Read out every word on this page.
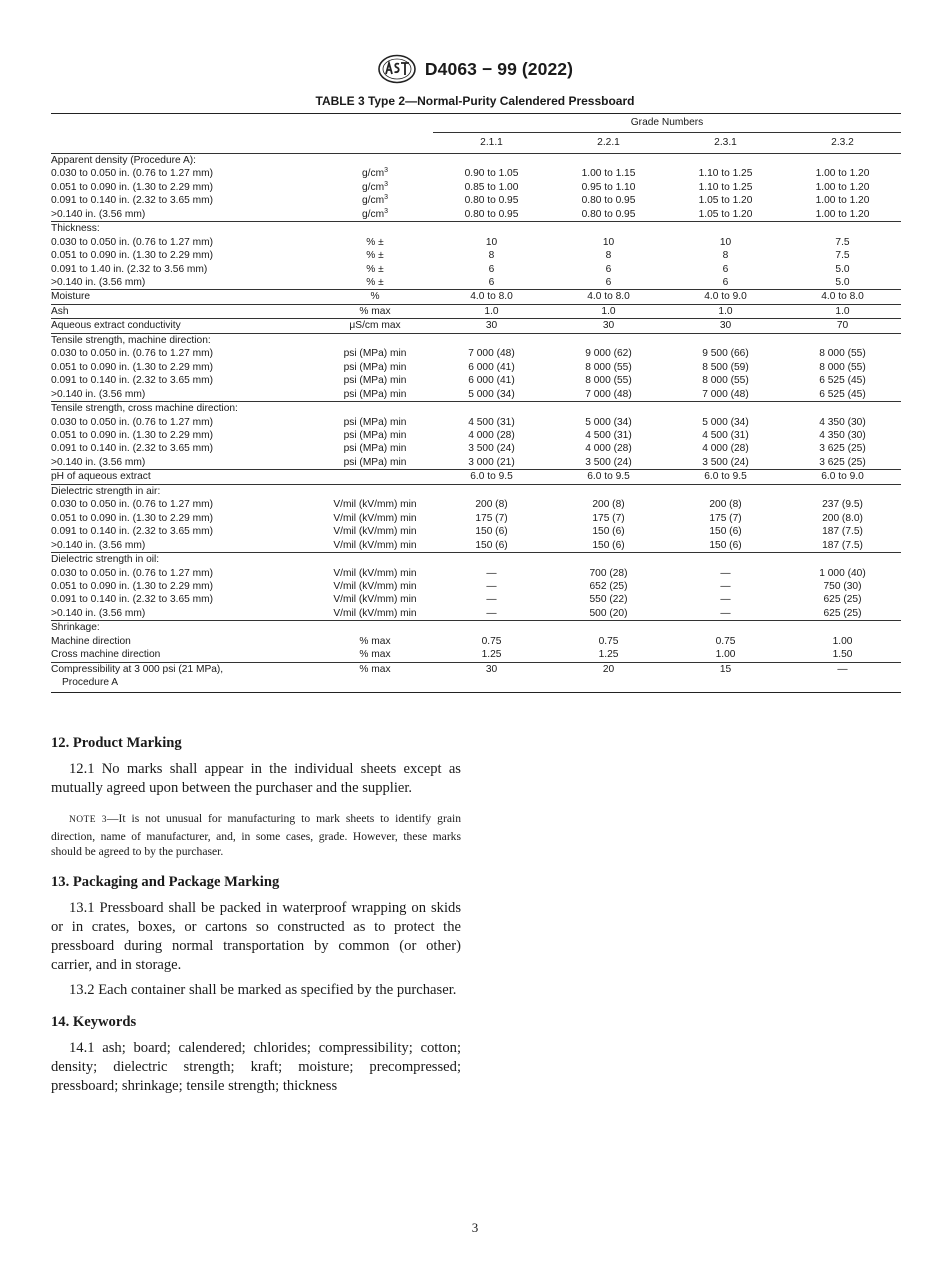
D4063 − 99 (2022)
TABLE 3 Type 2—Normal-Purity Calendered Pressboard

		Grade Numbers			
		2.1.1	2.2.1	2.3.1	2.3.2
Apparent density (Procedure A):					
0.030 to 0.050 in. (0.76 to 1.27 mm)	$g/cm^3$	0.90 to 1.05	1.00 to 1.15	1.10 to 1.25	1.00 to 1.20
0.051 to 0.090 in. (1.30 to 2.29 mm)	$g/cm^3$	0.85 to 1.00	0.95 to 1.10	1.10 to 1.25	1.00 to 1.20
0.091 to 0.140 in. (2.32 to 3.65 mm)	$g/cm^3$	0.80 to 0.95	0.80 to 0.95	1.05 to 1.20	1.00 to 1.20
>0.140 in. (3.56 mm)	$g/cm^3$	0.80 to 0.95	0.80 to 0.95	1.05 to 1.20	1.00 to 1.20
Thickness:					
0.030 to 0.050 in. (0.76 to 1.27 mm)	% ±	10	10	10	7.5
0.051 to 0.090 in. (1.30 to 2.29 mm)	% ±	8	8	8	7.5
0.091 to 1.40 in. (2.32 to 3.56 mm)	% ±	6	6	6	5.0
>0.140 in. (3.56 mm)	% ±	6	6	6	5.0
Moisture	%	4.0 to 8.0	4.0 to 8.0	4.0 to 9.0	4.0 to 8.0
Ash	% max	1.0	1.0	1.0	1.0
Aqueous extract conductivity	μS/cm max	30	30	30	70
Tensile strength, machine direction:					
0.030 to 0.050 in. (0.76 to 1.27 mm)	psi (MPa) min	7 000 (48)	9 000 (62)	9 500 (66)	8 000 (55)
0.051 to 0.090 in. (1.30 to 2.29 mm)	psi (MPa) min	6 000 (41)	8 000 (55)	8 500 (59)	8 000 (55)
0.091 to 0.140 in. (2.32 to 3.65 mm)	psi (MPa) min	6 000 (41)	8 000 (55)	8 000 (55)	6 525 (45)
>0.140 in. (3.56 mm)	psi (MPa) min	5 000 (34)	7 000 (48)	7 000 (48)	6 525 (45)
Tensile strength, cross machine direction:					
0.030 to 0.050 in. (0.76 to 1.27 mm)	psi (MPa) min	4 500 (31)	5 000 (34)	5 000 (34)	4 350 (30)
0.051 to 0.090 in. (1.30 to 2.29 mm)	psi (MPa) min	4 000 (28)	4 500 (31)	4 500 (31)	4 350 (30)
0.091 to 0.140 in. (2.32 to 3.65 mm)	psi (MPa) min	3 500 (24)	4 000 (28)	4 000 (28)	3 625 (25)
>0.140 in. (3.56 mm)	psi (MPa) min	3 000 (21)	3 500 (24)	3 500 (24)	3 625 (25)
pH of aqueous extract		6.0 to 9.5	6.0 to 9.5	6.0 to 9.5	6.0 to 9.0
Dielectric strength in air:					
0.030 to 0.050 in. (0.76 to 1.27 mm)	V/mil (kV/mm) min	200 (8)	200 (8)	200 (8)	237 (9.5)
0.051 to 0.090 in. (1.30 to 2.29 mm)	V/mil (kV/mm) min	175 (7)	175 (7)	175 (7)	200 (8.0)
0.091 to 0.140 in. (2.32 to 3.65 mm)	V/mil (kV/mm) min	150 (6)	150 (6)	150 (6)	187 (7.5)
>0.140 in. (3.56 mm)	V/mil (kV/mm) min	150 (6)	150 (6)	150 (6)	187 (7.5)
Dielectric strength in oil:					
0.030 to 0.050 in. (0.76 to 1.27 mm)	V/mil (kV/mm) min	—	700 (28)	—	1 000 (40)
0.051 to 0.090 in. (1.30 to 2.29 mm)	V/mil (kV/mm) min	—	652 (25)	—	750 (30)
0.091 to 0.140 in. (2.32 to 3.65 mm)	V/mil (kV/mm) min	—	550 (22)	—	625 (25)
>0.140 in. (3.56 mm)	V/mil (kV/mm) min	—	500 (20)	—	625 (25)
Shrinkage:					
Machine direction	% max	0.75	0.75	0.75	1.00
Cross machine direction	% max	1.25	1.25	1.00	1.50

Compressibility at 3 000 psi (21 MPa),
Procedure A	% max	30	20	15	—

12. Product Marking

12.1 No marks shall appear in the individual sheets except as mutually agreed upon between the purchaser and the supplier.

NOTE 3—It is not unusual for manufacturing to mark sheets to identify grain direction, name of manufacturer, and, in some cases, grade. However, these marks should be agreed to by the purchaser.

13. Packaging and Package Marking

13.1 Pressboard shall be packed in waterproof wrapping on skids or in crates, boxes, or cartons so constructed as to protect the pressboard during normal transportation by common (or other) carrier, and in storage.

13.2 Each container shall be marked as specified by the purchaser.

14. Keywords

14.1 ash; board; calendered; chlorides; compressibility; cotton; density; dielectric strength; kraft; moisture; precompressed; pressboard; shrinkage; tensile strength; thickness

3
